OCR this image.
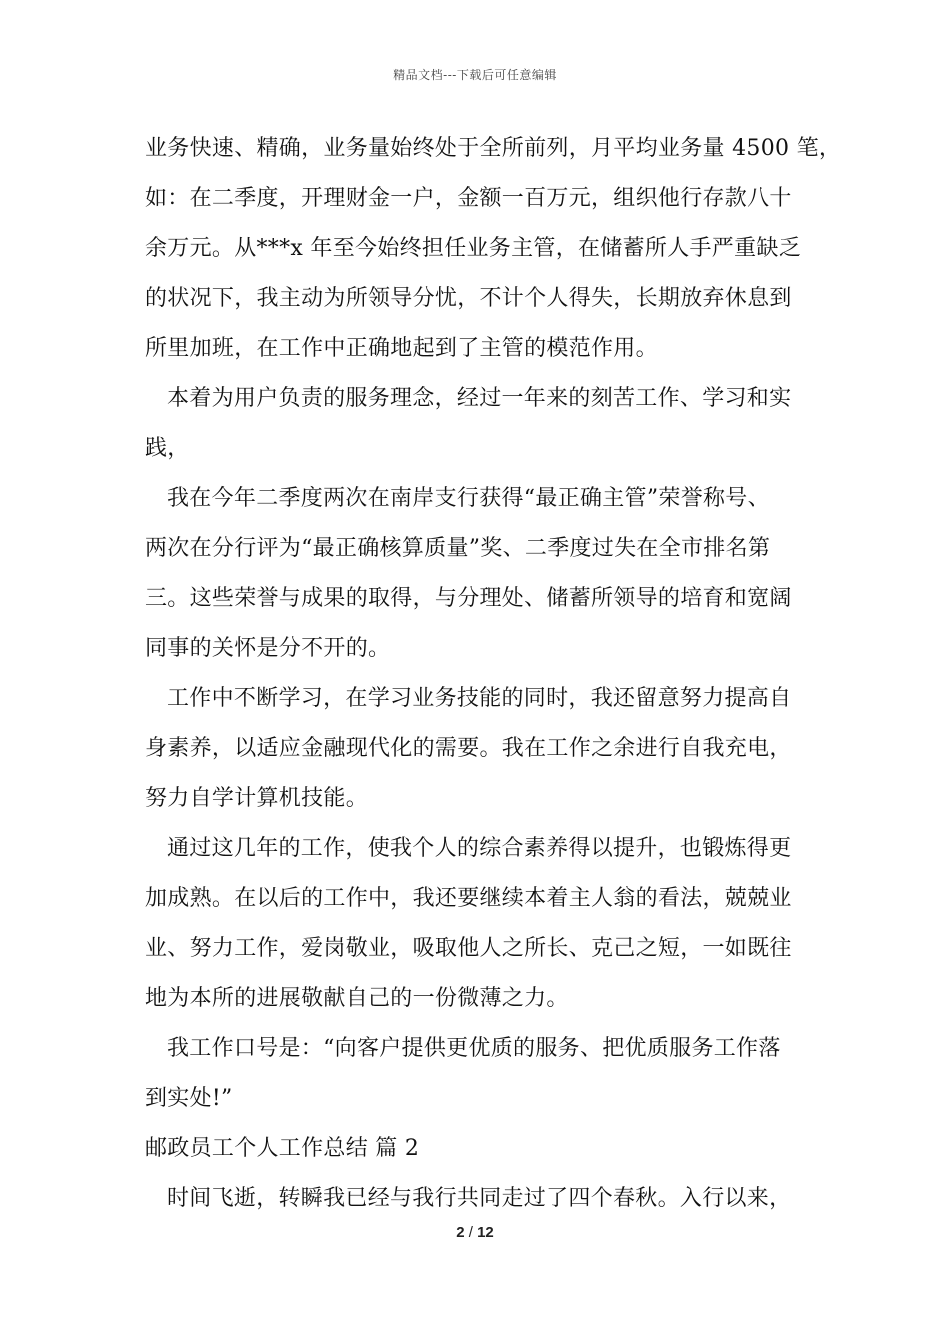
精品文档---下载后可任意编辑
业务快速、精确，业务量始终处于全所前列，月平均业务量 4500 笔，
如：在二季度，开理财金一户，金额一百万元，组织他行存款八十
余万元。从***x 年至今始终担任业务主管，在储蓄所人手严重缺乏
的状况下，我主动为所领导分忧，不计个人得失，长期放弃休息到
所里加班，在工作中正确地起到了主管的模范作用。
本着为用户负责的服务理念，经过一年来的刻苦工作、学习和实
践，
我在今年二季度两次在南岸支行获得“最正确主管”荣誉称号、
两次在分行评为“最正确核算质量”奖、二季度过失在全市排名第
三。这些荣誉与成果的取得，与分理处、储蓄所领导的培育和宽阔
同事的关怀是分不开的。
工作中不断学习，在学习业务技能的同时，我还留意努力提高自
身素养，以适应金融现代化的需要。我在工作之余进行自我充电，
努力自学计算机技能。
通过这几年的工作，使我个人的综合素养得以提升，也锻炼得更
加成熟。在以后的工作中，我还要继续本着主人翁的看法，兢兢业
业、努力工作，爱岗敬业，吸取他人之所长、克己之短，一如既往
地为本所的进展敬献自己的一份微薄之力。
我工作口号是：“向客户提供更优质的服务、把优质服务工作落
到实处!”
邮政员工个人工作总结 篇 2
时间飞逝，转瞬我已经与我行共同走过了四个春秋。入行以来，
2 / 12
